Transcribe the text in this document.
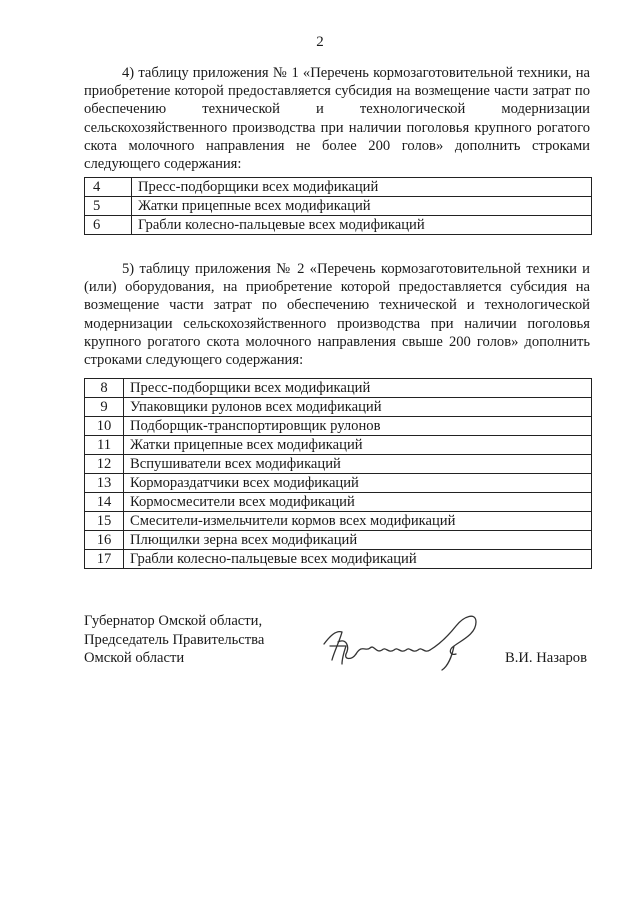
2

4) таблицу приложения № 1 «Перечень кормозаготовительной техники, на приобретение которой предоставляется субсидия на возмещение части затрат по обеспечению технической и технологической модернизации сельскохозяйственного производства при наличии поголовья крупного рогатого скота молочного направления не более 200 голов» дополнить строками следующего содержания:

4	Пресс-подборщики всех модификаций
5	Жатки прицепные всех модификаций
6	Грабли колесно-пальцевые всех модификаций

5) таблицу приложения № 2 «Перечень кормозаготовительной техники и (или) оборудования, на приобретение которой предоставляется субсидия на возмещение части затрат по обеспечению технической и технологической модернизации сельскохозяйственного производства при наличии поголовья крупного рогатого скота молочного направления свыше 200 голов» дополнить строками следующего содержания:

8	Пресс-подборщики всех модификаций
9	Упаковщики рулонов всех модификаций
10	Подборщик-транспортировщик рулонов
11	Жатки прицепные всех модификаций
12	Вспушиватели всех модификаций
13	Кормораздатчики всех модификаций
14	Кормосмесители всех модификаций
15	Смесители-измельчители кормов всех модификаций
16	Плющилки зерна всех модификаций
17	Грабли колесно-пальцевые всех модификаций
Губернатор Омской области,
Председатель Правительства
Омской области	В.И. Назаров
